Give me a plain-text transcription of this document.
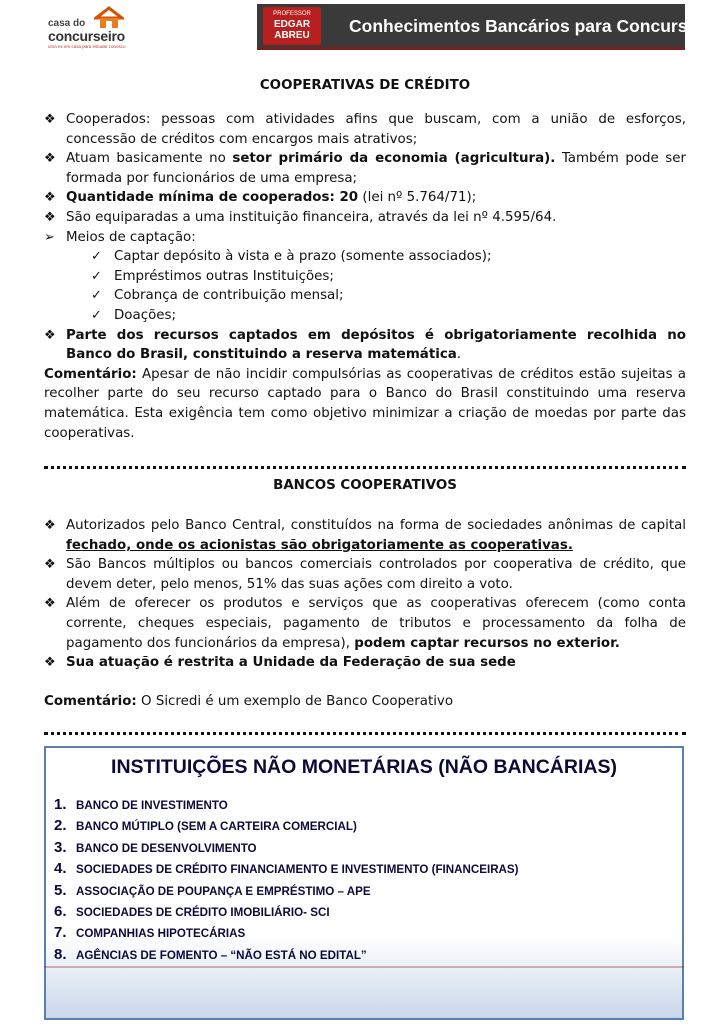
casa do
concurseiro
uma ex em casa para estudar conosco
PROFESSOR
EDGAR
ABREU	Conhecimentos Bancários para Concurso
COOPERATIVAS DE CRÉDITO
❖ Cooperados: pessoas com atividades afins que buscam, com a união de esforços, concessão de créditos com encargos mais atrativos;
❖ Atuam basicamente no setor primário da economia (agricultura). Também pode ser formada por funcionários de uma empresa;
❖ Quantidade mínima de cooperados: 20 (lei nº 5.764/71);
❖ São equiparadas a uma instituição financeira, através da lei nº 4.595/64.
➢ Meios de captação:
✓ Captar depósito à vista e à prazo (somente associados);
✓ Empréstimos outras Instituições;
✓ Cobrança de contribuição mensal;
✓ Doações;
❖ Parte dos recursos captados em depósitos é obrigatoriamente recolhida no Banco do Brasil, constituindo a reserva matemática.
Comentário: Apesar de não incidir compulsórias as cooperativas de créditos estão sujeitas a recolher parte do seu recurso captado para o Banco do Brasil constituindo uma reserva matemática. Esta exigência tem como objetivo minimizar a criação de moedas por parte das cooperativas.
BANCOS COOPERATIVOS
❖ Autorizados pelo Banco Central, constituídos na forma de sociedades anônimas de capital fechado, onde os acionistas são obrigatoriamente as cooperativas.
❖ São Bancos múltiplos ou bancos comerciais controlados por cooperativa de crédito, que devem deter, pelo menos, 51% das suas ações com direito a voto.
❖ Além de oferecer os produtos e serviços que as cooperativas oferecem (como conta corrente, cheques especiais, pagamento de tributos e processamento da folha de pagamento dos funcionários da empresa), podem captar recursos no exterior.
❖ Sua atuação é restrita a Unidade da Federação de sua sede
Comentário: O Sicredi é um exemplo de Banco Cooperativo
INSTITUIÇÕES NÃO MONETÁRIAS (NÃO BANCÁRIAS)
1. BANCO DE INVESTIMENTO
2. BANCO MÚTIPLO (SEM A CARTEIRA COMERCIAL)
3. BANCO DE DESENVOLVIMENTO
4. SOCIEDADES DE CRÉDITO FINANCIAMENTO E INVESTIMENTO (FINANCEIRAS)
5. ASSOCIAÇÃO DE POUPANÇA E EMPRÉSTIMO – APE
6. SOCIEDADES DE CRÉDITO IMOBILIÁRIO- SCI
7. COMPANHIAS HIPOTECÁRIAS
8. AGÊNCIAS DE FOMENTO – “NÃO ESTÁ NO EDITAL”
